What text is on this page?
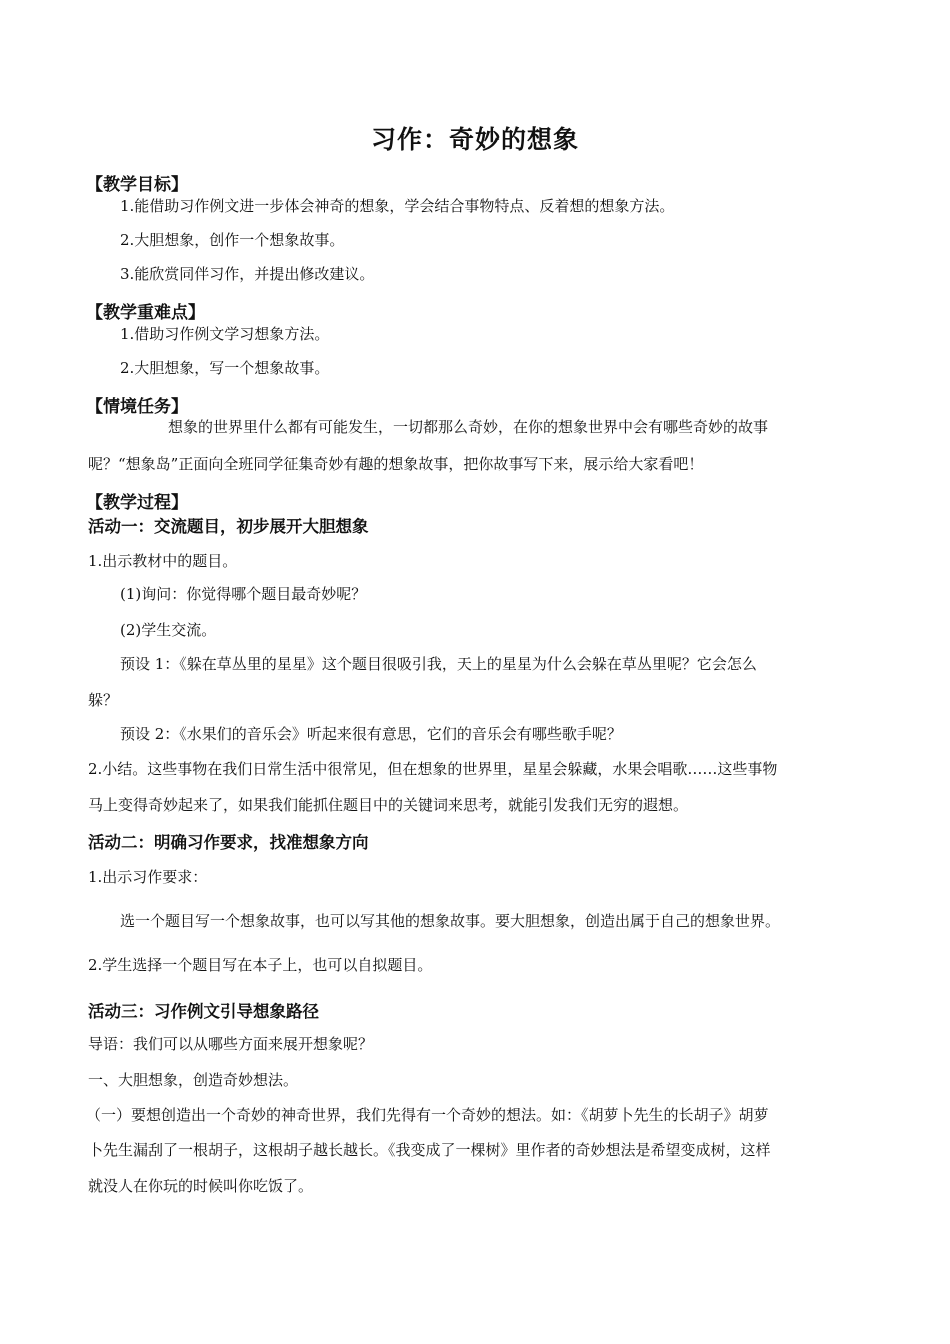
习作：奇妙的想象
【教学目标】
1.能借助习作例文进一步体会神奇的想象，学会结合事物特点、反着想的想象方法。
2.大胆想象，创作一个想象故事。
3.能欣赏同伴习作，并提出修改建议。
【教学重难点】
1.借助习作例文学习想象方法。
2.大胆想象，写一个想象故事。
【情境任务】
想象的世界里什么都有可能发生，一切都那么奇妙，在你的想象世界中会有哪些奇妙的故事
呢？“想象岛”正面向全班同学征集奇妙有趣的想象故事，把你故事写下来，展示给大家看吧！
【教学过程】
活动一：交流题目，初步展开大胆想象
1.出示教材中的题目。
(1)询问：你觉得哪个题目最奇妙呢？
(2)学生交流。
预设 1：《躲在草丛里的星星》这个题目很吸引我，天上的星星为什么会躲在草丛里呢？它会怎么
躲？
预设 2：《水果们的音乐会》听起来很有意思，它们的音乐会有哪些歌手呢？
2.小结。这些事物在我们日常生活中很常见，但在想象的世界里，星星会躲藏，水果会唱歌……这些事物
马上变得奇妙起来了，如果我们能抓住题目中的关键词来思考，就能引发我们无穷的遐想。
活动二：明确习作要求，找准想象方向
1.出示习作要求：
选一个题目写一个想象故事，也可以写其他的想象故事。要大胆想象，创造出属于自己的想象世界。
2.学生选择一个题目写在本子上，也可以自拟题目。
活动三：习作例文引导想象路径
导语：我们可以从哪些方面来展开想象呢？
一、大胆想象，创造奇妙想法。
（一）要想创造出一个奇妙的神奇世界，我们先得有一个奇妙的想法。如：《胡萝卜先生的长胡子》胡萝
卜先生漏刮了一根胡子，这根胡子越长越长。《我变成了一棵树》里作者的奇妙想法是希望变成树，这样
就没人在你玩的时候叫你吃饭了。
